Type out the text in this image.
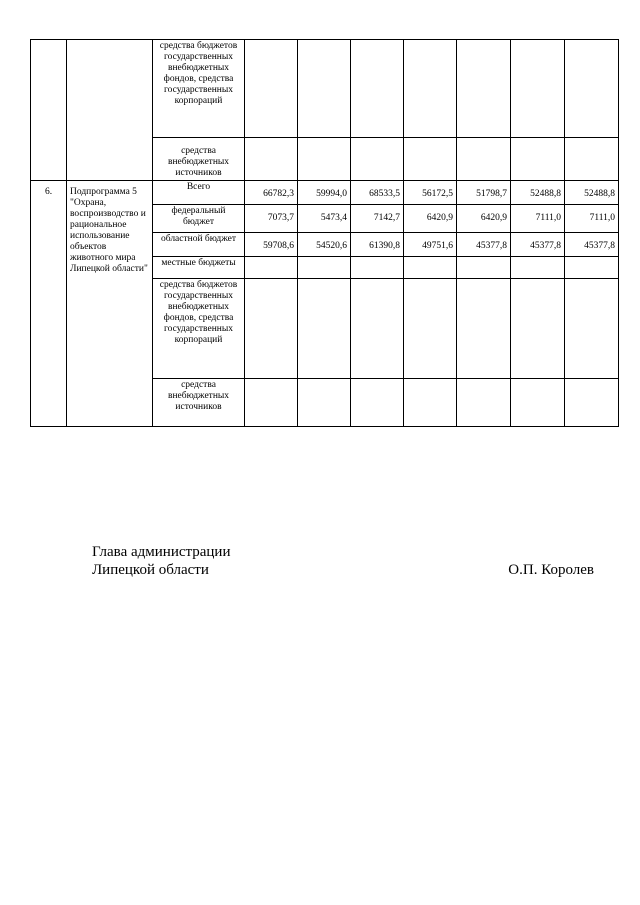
		средства бюджетов государственных внебюджетных фондов, средства государственных корпораций							
		средства внебюджетных источников							
6.	Подпрограмма 5 "Охрана, воспроизводство и рациональное использование объектов животного мира Липецкой области"	Всего	66782,3	59994,0	68533,5	56172,5	51798,7	52488,8	52488,8
		федеральный бюджет	7073,7	5473,4	7142,7	6420,9	6420,9	7111,0	7111,0
		областной бюджет	59708,6	54520,6	61390,8	49751,6	45377,8	45377,8	45377,8
		местные бюджеты							
		средства бюджетов государственных внебюджетных фондов, средства государственных корпораций							
		средства внебюджетных источников							
Глава администрации
Липецкой области	О.П. Королев
